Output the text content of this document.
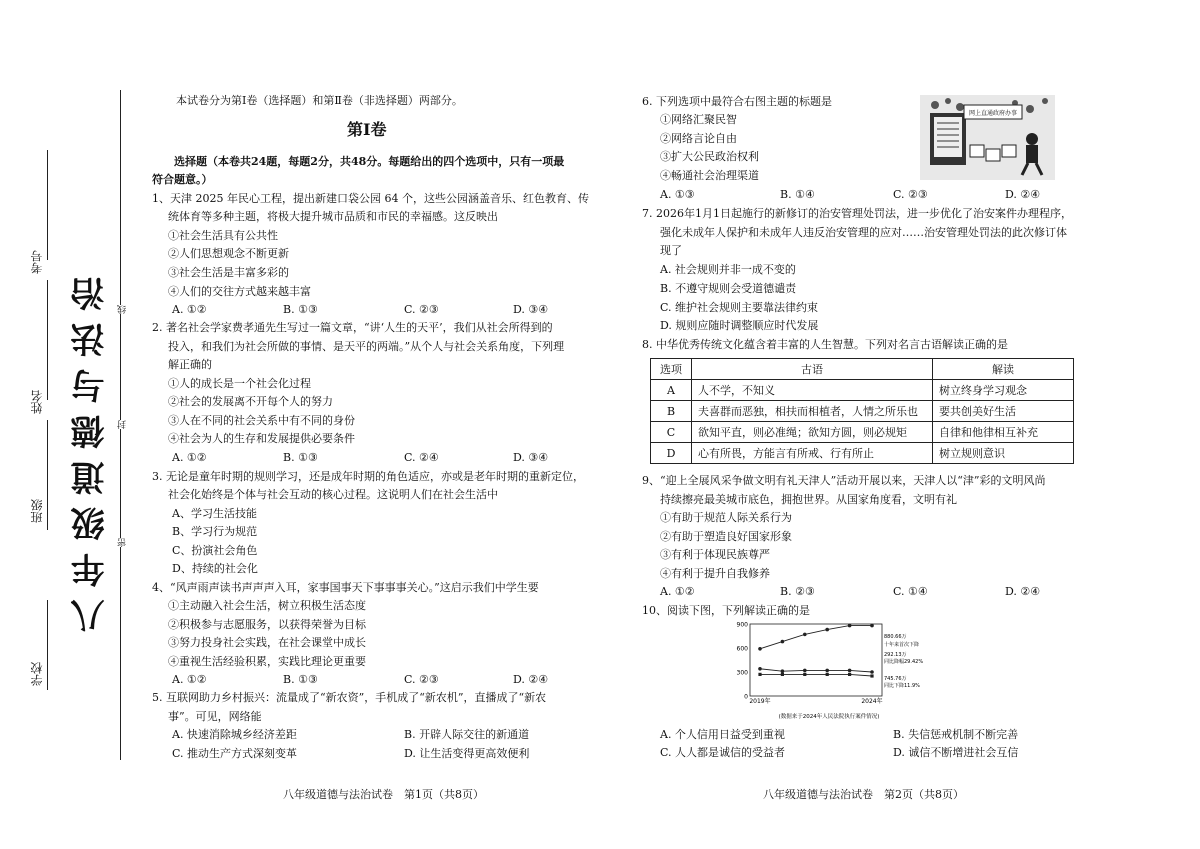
八年级道德与法治
学校
班级
姓名
考号
密
封
线
本试卷分为第Ⅰ卷（选择题）和第Ⅱ卷（非选择题）两部分。
第Ⅰ卷
选择题（本卷共24题，每题2分，共48分。每题给出的四个选项中，只有一项最
符合题意。）
1、天津 2025 年民心工程，提出新建口袋公园 64 个，这些公园涵盖音乐、红色教育、传
统体育等多种主题，将极大提升城市品质和市民的幸福感。这反映出
①社会生活具有公共性
②人们思想观念不断更新
③社会生活是丰富多彩的
④人们的交往方式越来越丰富
A. ①②	B. ①③	C. ②③	D. ③④
2. 著名社会学家费孝通先生写过一篇文章，“讲‘人生的天平’，我们从社会所得到的
投入，和我们为社会所做的事情、是天平的两端。”从个人与社会关系角度，下列理
解正确的
①人的成长是一个社会化过程
②社会的发展离不开每个人的努力
③人在不同的社会关系中有不同的身份
④社会为人的生存和发展提供必要条件
A. ①②	B. ①③	C. ②④	D. ③④
3. 无论是童年时期的规则学习，还是成年时期的角色适应，亦或是老年时期的重新定位，
社会化始终是个体与社会互动的核心过程。这说明人们在社会生活中
A、学习生活技能
B、学习行为规范
C、扮演社会角色
D、持续的社会化
4、“风声雨声读书声声声入耳，家事国事天下事事事关心。”这启示我们中学生要
①主动融入社会生活，树立积极生活态度
②积极参与志愿服务，以获得荣誉为目标
③努力投身社会实践，在社会课堂中成长
④重视生活经验积累，实践比理论更重要
A. ①②	B. ①③	C. ②③	D. ②④
5. 互联网助力乡村振兴：流量成了“新农资”，手机成了“新农机”，直播成了“新农
事”。可见，网络能
A. 快速消除城乡经济差距	B. 开辟人际交往的新通道
C. 推动生产方式深刻变革	D. 让生活变得更高效便利
八年级道德与法治试卷　第1页（共8页）
6. 下列选项中最符合右图主题的标题是
①网络汇聚民智
②网络言论自由
③扩大公民政治权利
④畅通社会治理渠道
A. ①③	B. ①④	C. ②③	D. ②④
网上直通政府办事
7. 2026年1月1日起施行的新修订的治安管理处罚法，进一步优化了治安案件办理程序，
强化未成年人保护和未成年人违反治安管理的应对……治安管理处罚法的此次修订体
现了
A. 社会规则并非一成不变的
B. 不遵守规则会受道德谴责
C. 维护社会规则主要靠法律约束
D. 规则应随时调整顺应时代发展
8. 中华优秀传统文化蕴含着丰富的人生智慧。下列对名言古语解读正确的是
选项	古语	解读
A	人不学，不知义	树立终身学习观念
B	夫喜群而恶独，相扶而相植者，人情之所乐也	要共创美好生活
C	欲知平直，则必准绳；欲知方圆，则必规矩	自律和他律相互补充
D	心有所畏，方能言有所戒、行有所止	树立规则意识
9、“迎上全展风采争做文明有礼天津人”活动开展以来，天津人以“津”彩的文明风尚
持续擦亮最美城市底色，拥抱世界。从国家角度看，文明有礼
①有助于规范人际关系行为
②有助于塑造良好国家形象
③有利于体现民族尊严
④有利于提升自我修养
A. ①②	B. ②③	C. ①④	D. ②④
10、阅读下图，下列解读正确的是
900
600
300
0
2019年	2024年
880.66万
十年来首次下降
292.13万
同比降幅29.42%
745.76万
同比下降11.9%
(数据来于2024年人民法院执行案件情况)
A. 个人信用日益受到重视	B. 失信惩戒机制不断完善
C. 人人都是诚信的受益者	D. 诚信不断增进社会互信
八年级道德与法治试卷　第2页（共8页）
